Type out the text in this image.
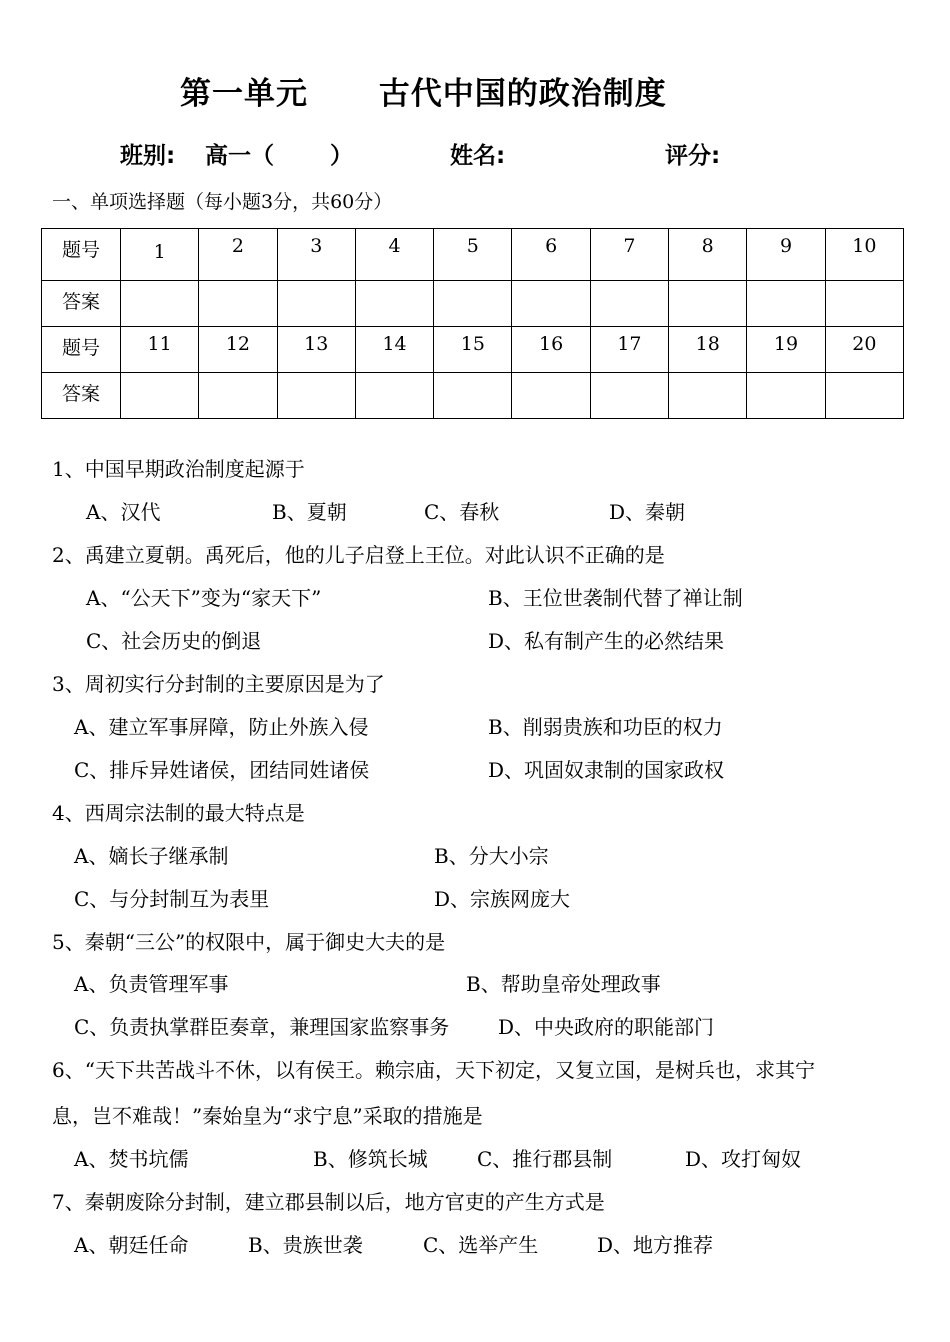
第一单元 古代中国的政治制度
班别: 高一（       ）	姓名:	评分:
一、单项选择题（每小题3分，共60分）
题号	1	2	3	4	5	6	7	8	9	10
答案										
题号	11	12	13	14	15	16	17	18	19	20
答案										
1、中国早期政治制度起源于
A、汉代	B、夏朝	C、春秋	D、秦朝
2、禹建立夏朝。禹死后，他的儿子启登上王位。对此认识不正确的是
A、“公天下”变为“家天下”	B、王位世袭制代替了禅让制
C、社会历史的倒退	D、私有制产生的必然结果
3、周初实行分封制的主要原因是为了
A、建立军事屏障，防止外族入侵	B、削弱贵族和功臣的权力
C、排斥异姓诸侯，团结同姓诸侯	D、巩固奴隶制的国家政权
4、西周宗法制的最大特点是
A、嫡长子继承制	B、分大小宗
C、与分封制互为表里	D、宗族网庞大
5、秦朝“三公”的权限中，属于御史大夫的是
A、负责管理军事	B、帮助皇帝处理政事
C、负责执掌群臣奏章，兼理国家监察事务 D、中央政府的职能部门
6、“天下共苦战斗不休，以有侯王。赖宗庙，天下初定，又复立国，是树兵也，求其宁
息，岂不难哉！”秦始皇为“求宁息”采取的措施是
A、焚书坑儒	B、修筑长城 C、推行郡县制	D、攻打匈奴
7、秦朝废除分封制，建立郡县制以后，地方官吏的产生方式是
A、朝廷任命	B、贵族世袭	C、选举产生	D、地方推荐
